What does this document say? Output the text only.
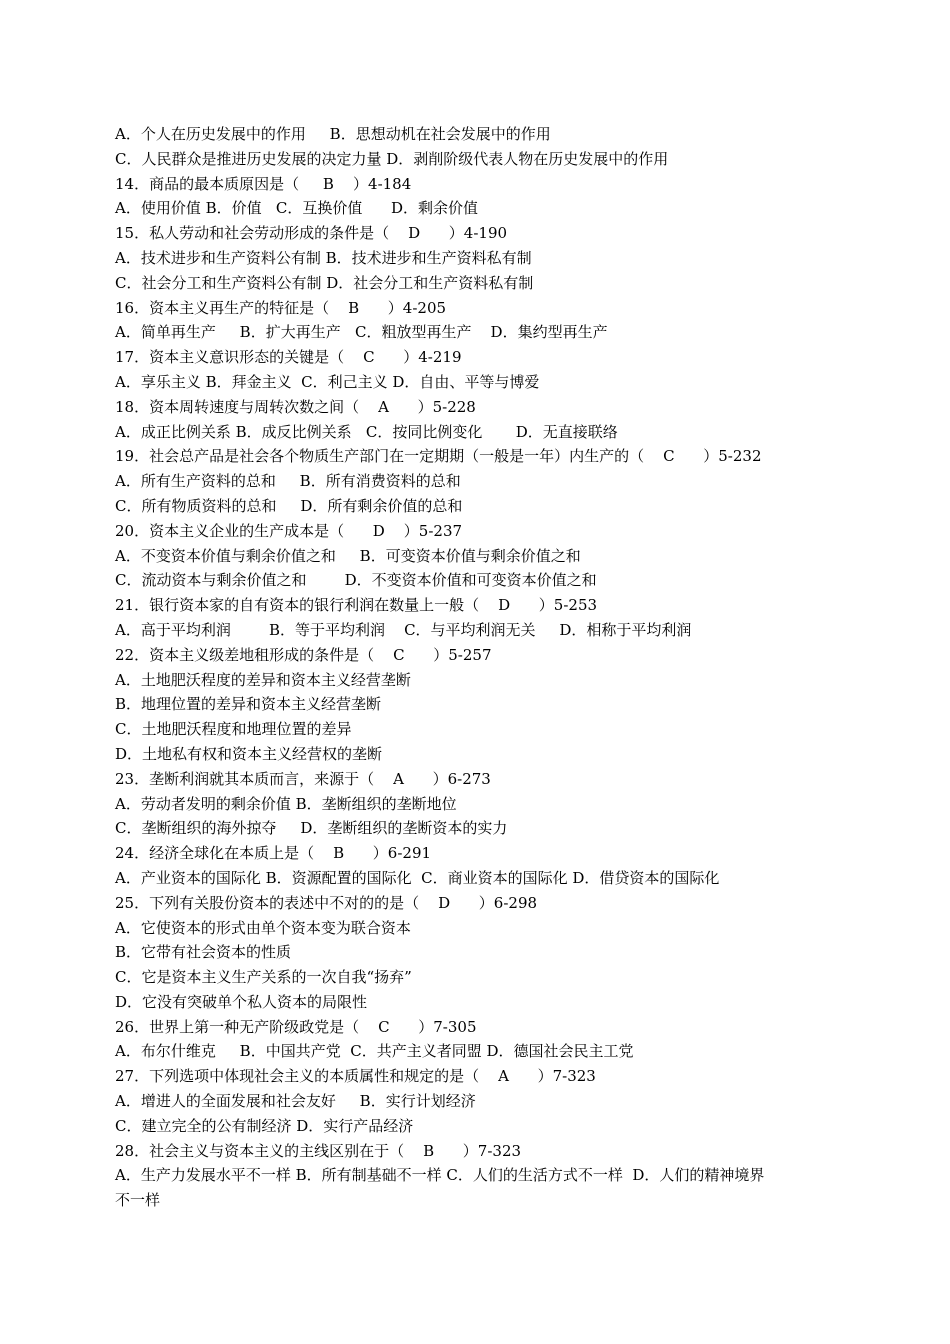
A．个人在历史发展中的作用     B．思想动机在社会发展中的作用
C．人民群众是推进历史发展的决定力量 D．剥削阶级代表人物在历史发展中的作用
14．商品的最本质原因是（     B    ）4-184
A．使用价值 B．价值   C．互换价值      D．剩余价值
15．私人劳动和社会劳动形成的条件是（    D      ）4-190
A．技术进步和生产资料公有制 B．技术进步和生产资料私有制
C．社会分工和生产资料公有制 D．社会分工和生产资料私有制
16．资本主义再生产的特征是（    B      ）4-205
A．简单再生产     B．扩大再生产   C．粗放型再生产    D．集约型再生产
17．资本主义意识形态的关键是（    C      ）4-219
A．享乐主义 B．拜金主义  C．利己主义 D．自由、平等与博爱
18．资本周转速度与周转次数之间（    A      ）5-228
A．成正比例关系 B．成反比例关系   C．按同比例变化       D．无直接联络
19．社会总产品是社会各个物质生产部门在一定期期（一般是一年）内生产的（    C      ）5-232
A．所有生产资料的总和     B．所有消费资料的总和
C．所有物质资料的总和     D．所有剩余价值的总和
20．资本主义企业的生产成本是（      D    ）5-237
A．不变资本价值与剩余价值之和     B．可变资本价值与剩余价值之和
C．流动资本与剩余价值之和        D．不变资本价值和可变资本价值之和
21．银行资本家的自有资本的银行利润在数量上一般（    D      ）5-253
A．高于平均利润        B．等于平均利润    C．与平均利润无关     D．相称于平均利润
22．资本主义级差地租形成的条件是（    C      ）5-257
A．土地肥沃程度的差异和资本主义经营垄断
B．地理位置的差异和资本主义经营垄断
C．土地肥沃程度和地理位置的差异
D．土地私有权和资本主义经营权的垄断
23．垄断利润就其本质而言，来源于（    A      ）6-273
A．劳动者发明的剩余价值 B．垄断组织的垄断地位
C．垄断组织的海外掠夺     D．垄断组织的垄断资本的实力
24．经济全球化在本质上是（    B      ）6-291
A．产业资本的国际化 B．资源配置的国际化  C．商业资本的国际化 D．借贷资本的国际化
25．下列有关股份资本的表述中不对的的是（    D      ）6-298
A．它使资本的形式由单个资本变为联合资本
B．它带有社会资本的性质
C．它是资本主义生产关系的一次自我“扬弃”
D．它没有突破单个私人资本的局限性
26．世界上第一种无产阶级政党是（    C      ）7-305
A．布尔什维克     B．中国共产党  C．共产主义者同盟 D．德国社会民主工党
27．下列选项中体现社会主义的本质属性和规定的是（    A      ）7-323
A．增进人的全面发展和社会友好     B．实行计划经济
C．建立完全的公有制经济 D．实行产品经济
28．社会主义与资本主义的主线区别在于（    B      ）7-323
A．生产力发展水平不一样 B．所有制基础不一样 C．人们的生活方式不一样  D．人们的精神境界
不一样
